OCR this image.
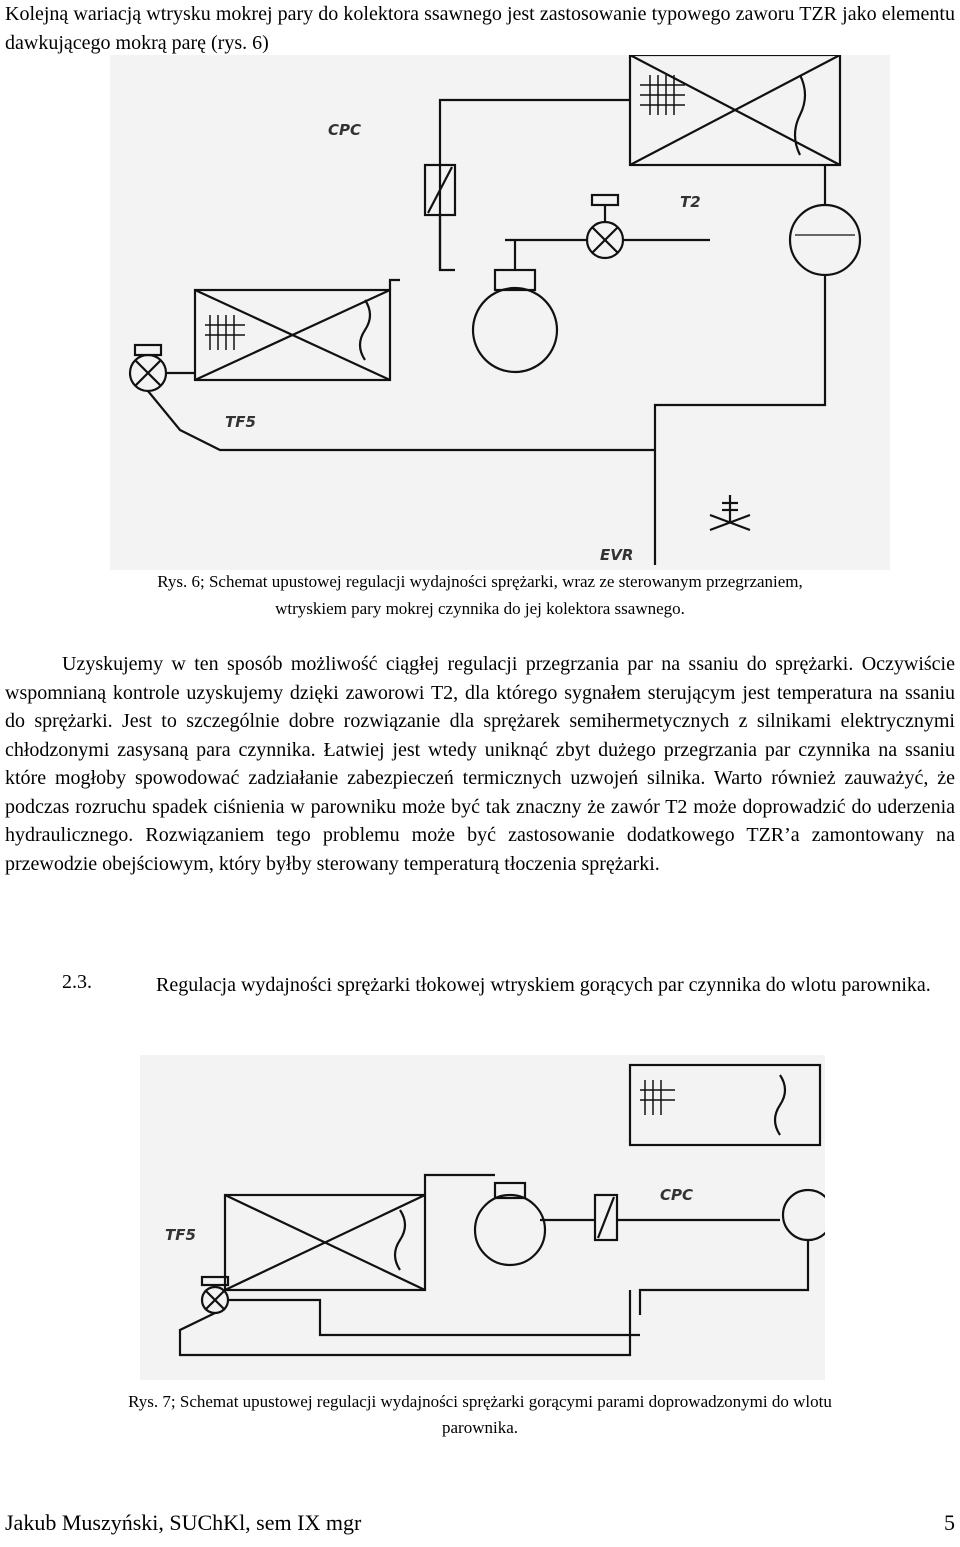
Kolejną wariacją wtrysku mokrej pary do kolektora ssawnego jest zastosowanie typowego zaworu TZR jako elementu dawkującego mokrą parę (rys. 6)
CPC
T2
TF5
EVR
Rys. 6; Schemat upustowej regulacji wydajności sprężarki, wraz ze sterowanym przegrzaniem,
wtryskiem pary mokrej czynnika do jej kolektora ssawnego.
Uzyskujemy w ten sposób możliwość ciągłej regulacji przegrzania par na ssaniu do sprężarki. Oczywiście wspomnianą kontrole uzyskujemy dzięki zaworowi T2, dla którego sygnałem sterującym jest temperatura na ssaniu do sprężarki. Jest to szczególnie dobre rozwiązanie dla sprężarek semihermetycznych z silnikami elektrycznymi chłodzonymi zasysaną para czynnika. Łatwiej jest wtedy uniknąć zbyt dużego przegrzania par czynnika na ssaniu które mogłoby spowodować zadziałanie zabezpieczeń termicznych uzwojeń silnika. Warto również zauważyć, że podczas rozruchu spadek ciśnienia w parowniku może być tak znaczny że zawór T2 może doprowadzić do uderzenia hydraulicznego. Rozwiązaniem tego problemu może być zastosowanie dodatkowego TZR’a zamontowany na przewodzie obejściowym, który byłby sterowany temperaturą tłoczenia sprężarki.
2.3.	Regulacja wydajności sprężarki tłokowej wtryskiem gorących par czynnika do wlotu parownika.
CPC
TF5
Rys. 7; Schemat upustowej regulacji wydajności sprężarki gorącymi parami doprowadzonymi do wlotu
parownika.
Jakub Muszyński, SUChKl, sem IX mgr	5
